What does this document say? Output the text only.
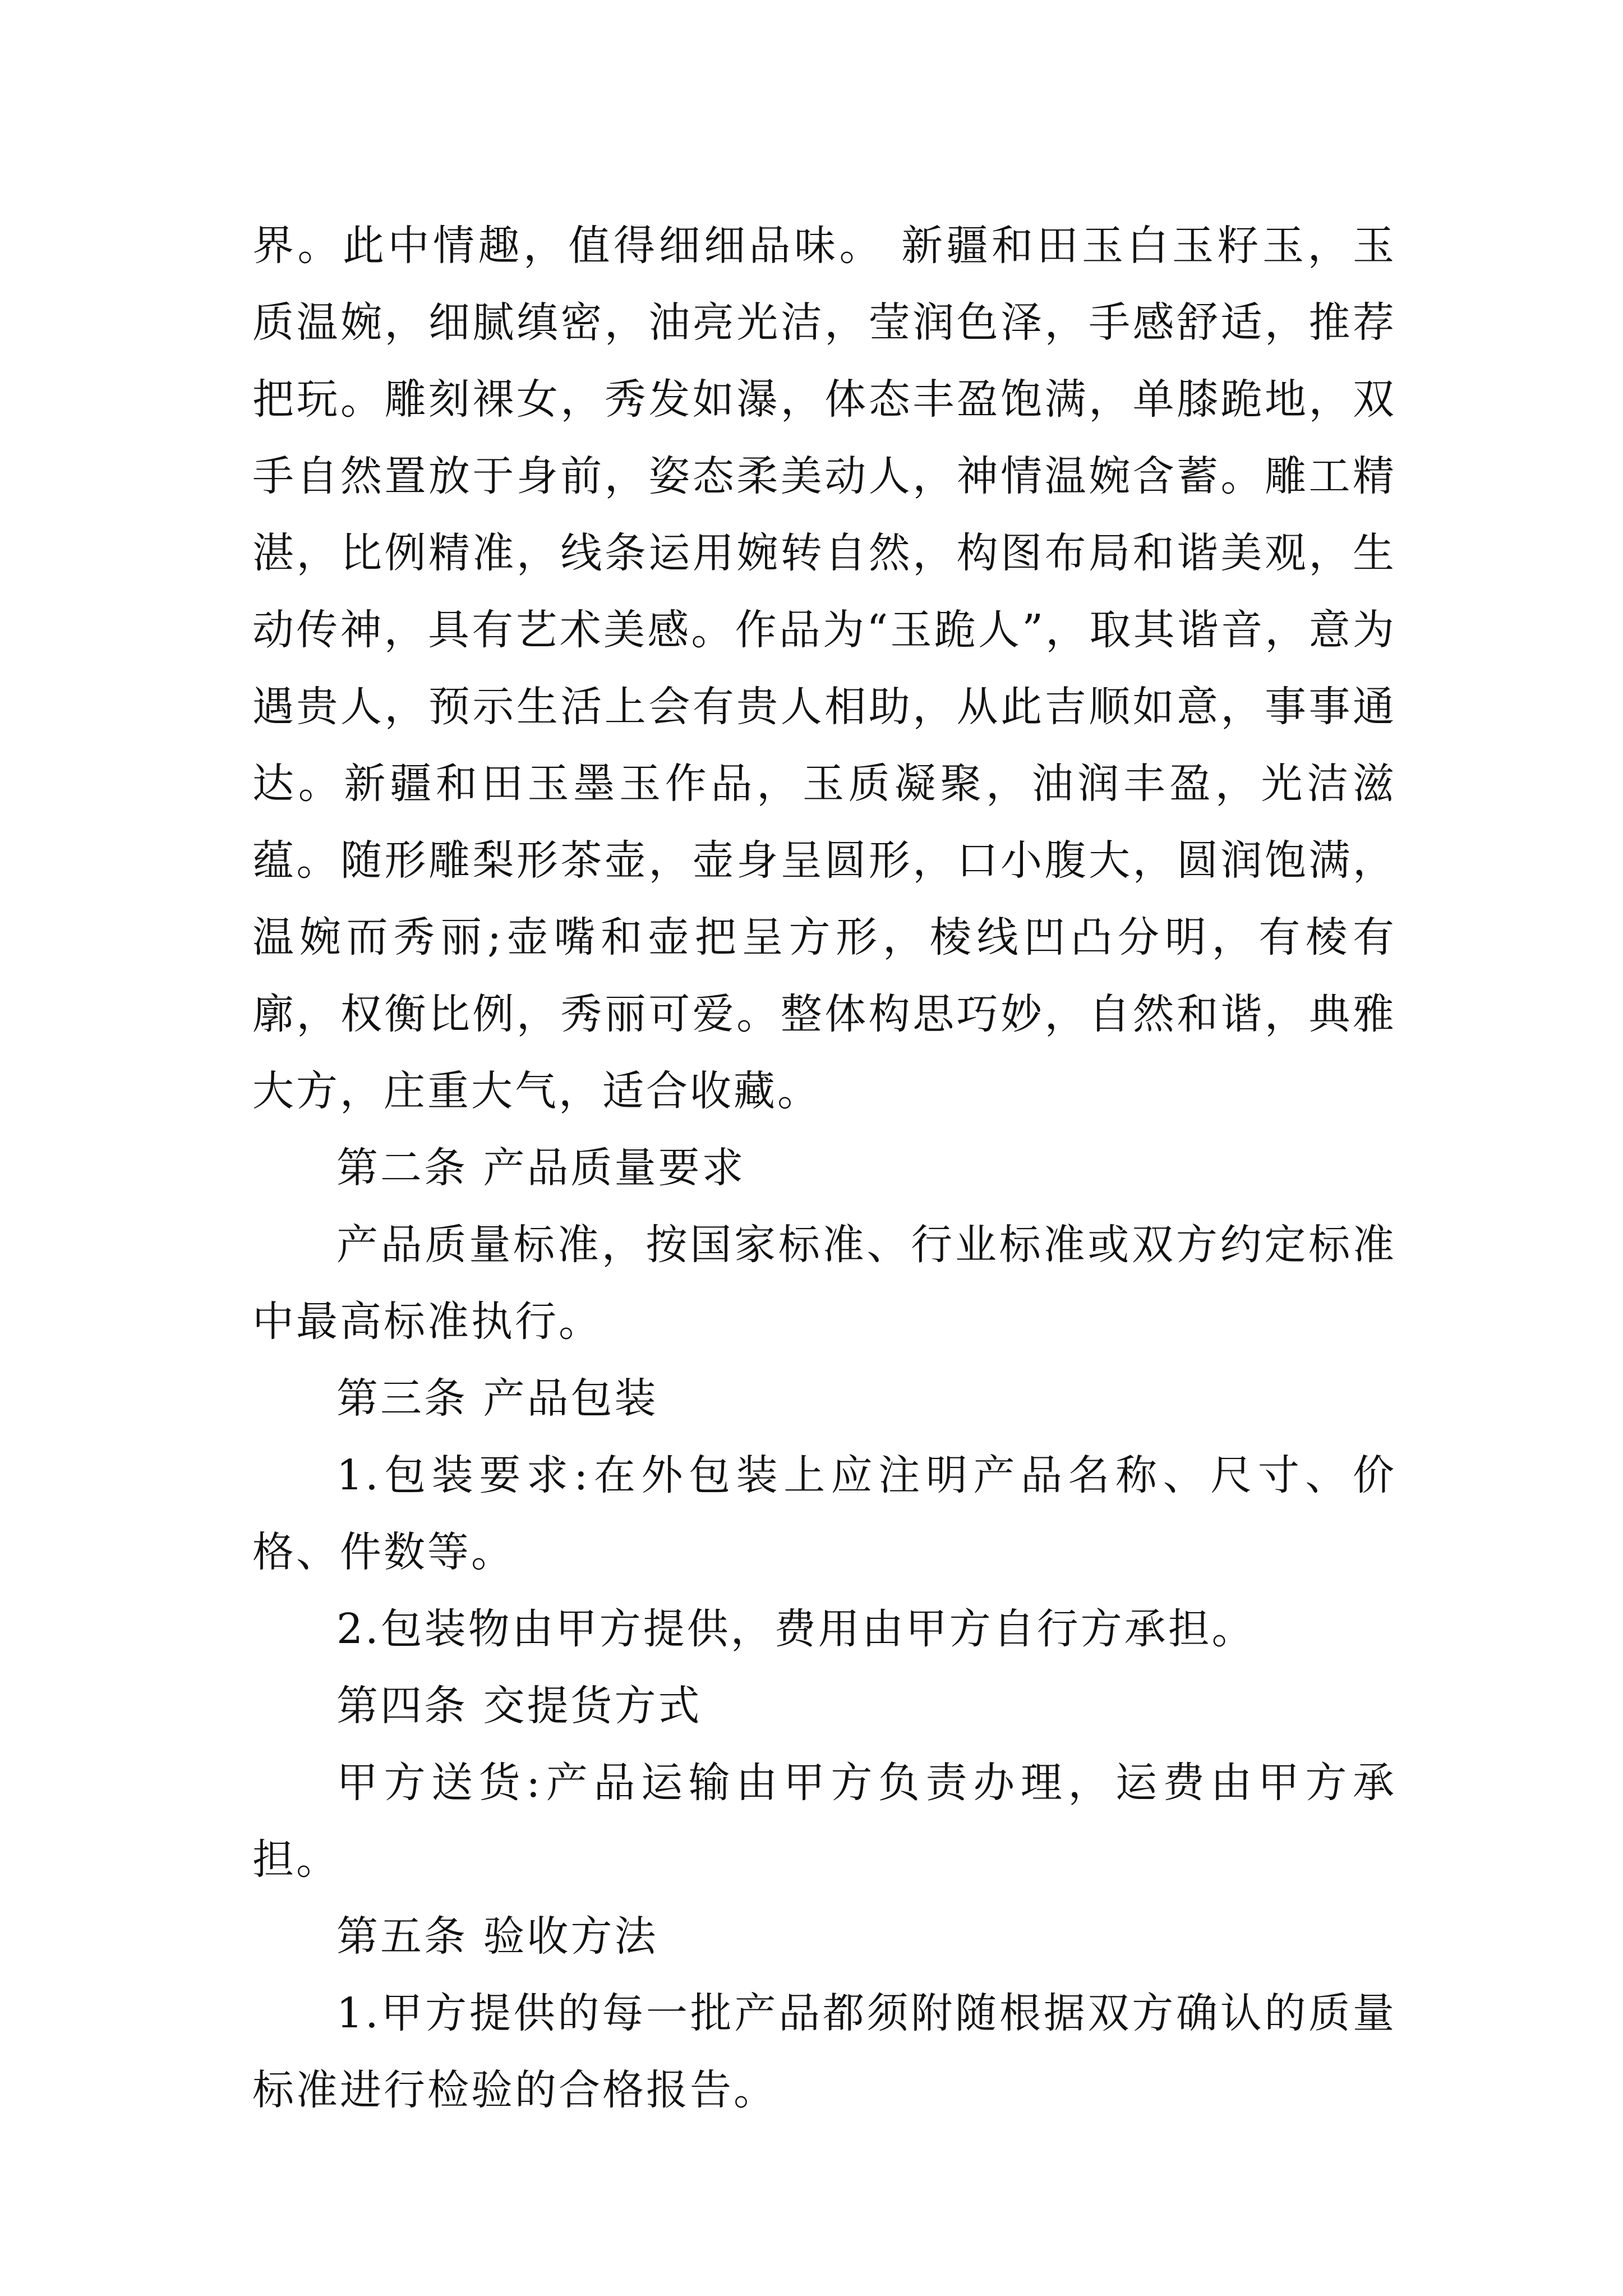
界。此中情趣，值得细细品味。 新疆和田玉白玉籽玉，玉质温婉，细腻缜密，油亮光洁，莹润色泽，手感舒适，推荐把玩。雕刻裸女，秀发如瀑，体态丰盈饱满，单膝跪地，双手自然置放于身前，姿态柔美动人，神情温婉含蓄。雕工精湛，比例精准，线条运用婉转自然，构图布局和谐美观，生动传神，具有艺术美感。作品为“玉跪人”，取其谐音，意为遇贵人，预示生活上会有贵人相助，从此吉顺如意，事事通达。新疆和田玉墨玉作品，玉质凝聚，油润丰盈，光洁滋蕴。随形雕梨形茶壶，壶身呈圆形，口小腹大，圆润饱满，温婉而秀丽;壶嘴和壶把呈方形，棱线凹凸分明，有棱有廓，权衡比例，秀丽可爱。整体构思巧妙，自然和谐，典雅大方，庄重大气，适合收藏。

第二条 产品质量要求

产品质量标准，按国家标准、行业标准或双方约定标准中最高标准执行。

第三条 产品包装

1.包装要求:在外包装上应注明产品名称、尺寸、价格、件数等。

2.包装物由甲方提供，费用由甲方自行方承担。

第四条 交提货方式

甲方送货:产品运输由甲方负责办理，运费由甲方承担。

第五条 验收方法

1.甲方提供的每一批产品都须附随根据双方确认的质量标准进行检验的合格报告。
